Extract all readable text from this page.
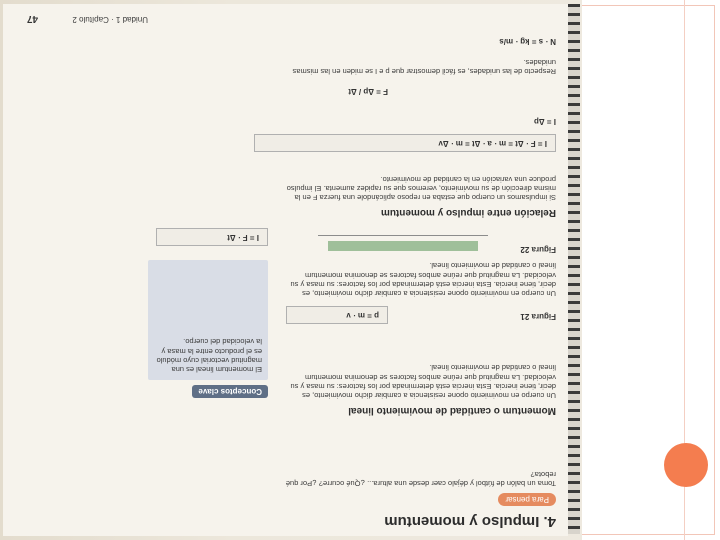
4. Impulso y momentum
Para pensar
Toma un balón de fútbol y déjalo caer desde una altura... ¿Qué ocurre? ¿Por qué rebota?
Momentum o cantidad de movimiento lineal
Un cuerpo en movimiento opone resistencia a cambiar dicho movimiento, es decir, tiene inercia. Esta inercia está determinada por los factores: su masa y su velocidad. La magnitud que reúne ambos factores se denomina momentum lineal o cantidad de movimiento lineal.
Conceptos clave
El momentum lineal es una magnitud vectorial cuyo módulo es el producto entre la masa y la velocidad del cuerpo.
p = m · v	Figura 21
Un cuerpo en movimiento opone resistencia a cambiar dicho movimiento, es decir, tiene inercia. Esta inercia está determinada por los factores: su masa y su velocidad. La magnitud que reúne ambos factores se denomina momentum lineal o cantidad de movimiento lineal.
Figura 22
I = F · Δt
Relación entre impulso y momentum
Si impulsamos un cuerpo que estaba en reposo aplicándole una fuerza F en la misma dirección de su movimiento, veremos que su rapidez aumenta. El impulso produce una variación en la cantidad de movimiento.
I = F · Δt = m · a · Δt = m · Δv
I = Δp
F = Δp / Δt
Respecto de las unidades, es fácil demostrar que p e I se miden en las mismas unidades.
N · s = kg · m/s
Unidad 1 · Capítulo 2
47
